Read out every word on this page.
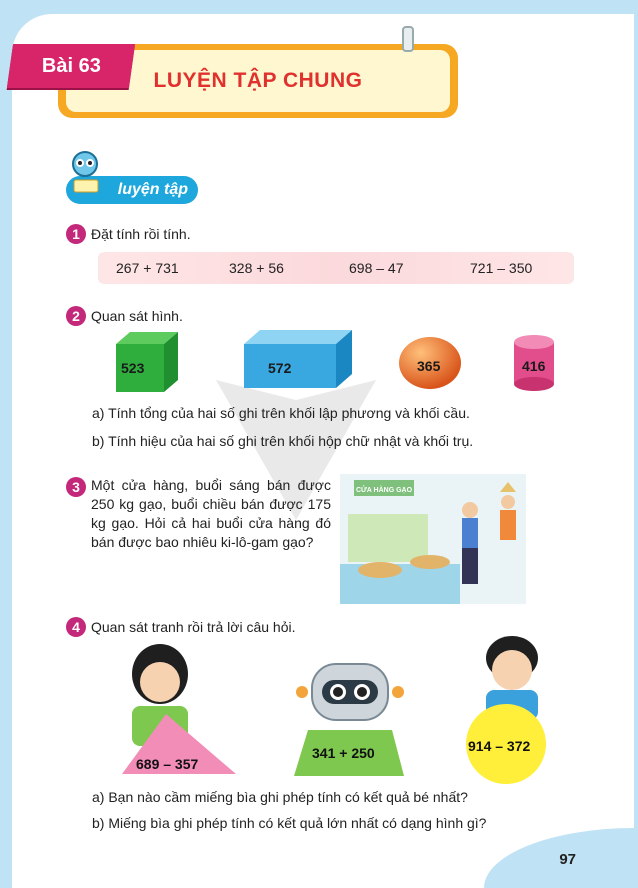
LUYỆN TẬP CHUNG
Bài 63
luyện tập
1 Đặt tính rồi tính.
267 + 731	328 + 56	698 – 47	721 – 350
2 Quan sát hình.
523	572	365	416
a) Tính tổng của hai số ghi trên khối lập phương và khối cầu.
b) Tính hiệu của hai số ghi trên khối hộp chữ nhật và khối trụ.
3 Một cửa hàng, buổi sáng bán được 250 kg gạo, buổi chiều bán được 175 kg gạo. Hỏi cả hai buổi cửa hàng đó bán được bao nhiêu ki-lô-gam gạo?
CỬA HÀNG GẠO
4 Quan sát tranh rồi trả lời câu hỏi.
689 – 357
341 + 250	914 – 372
a) Bạn nào cầm miếng bìa ghi phép tính có kết quả bé nhất?
b) Miếng bìa ghi phép tính có kết quả lớn nhất có dạng hình gì?
97
